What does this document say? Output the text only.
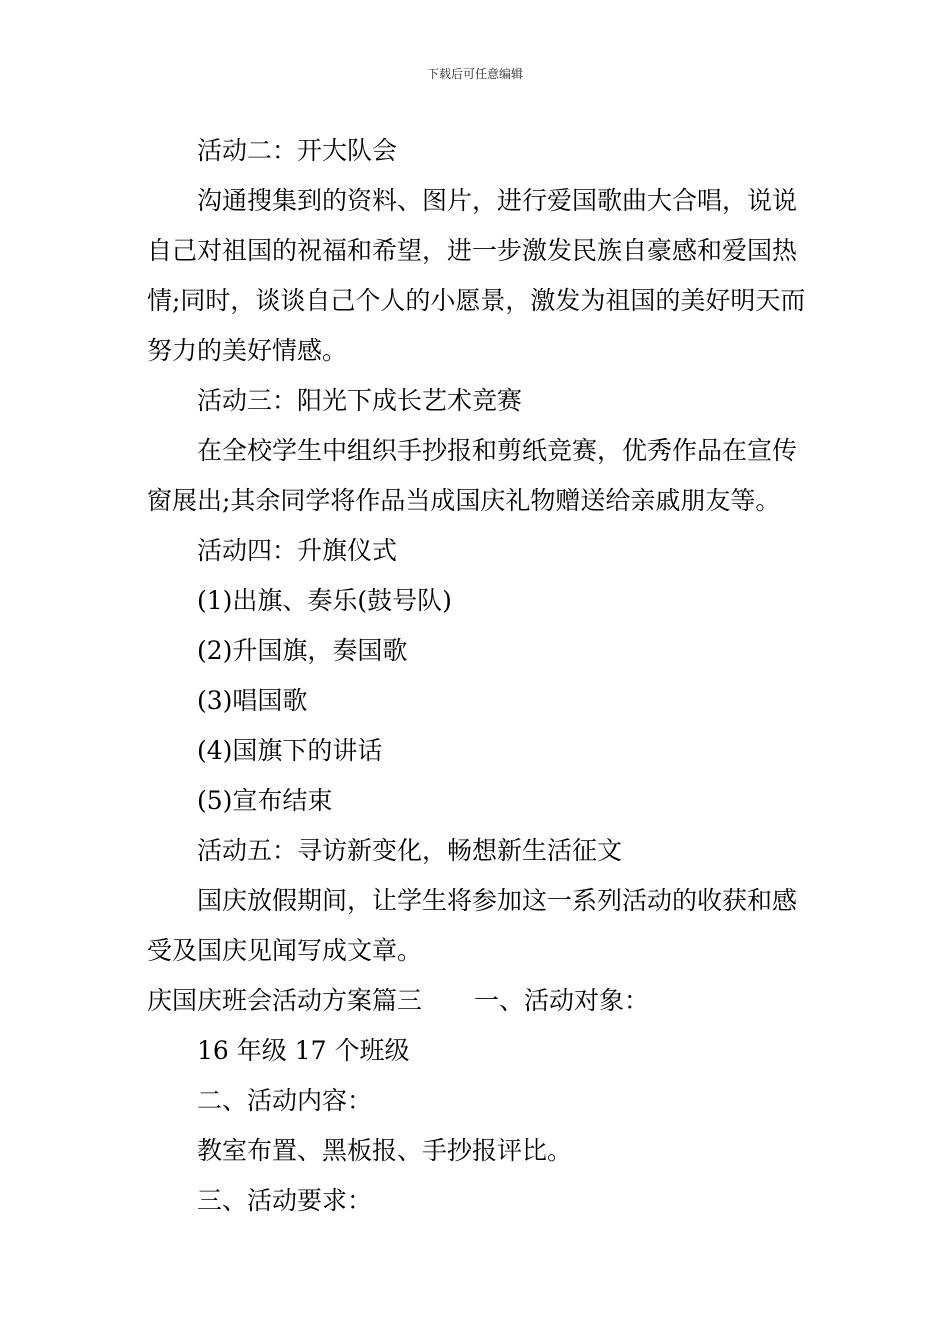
下载后可任意编辑

活动二：开大队会

沟通搜集到的资料、图片，进行爱国歌曲大合唱，说说自己对祖国的祝福和希望，进一步激发民族自豪感和爱国热情;同时，谈谈自己个人的小愿景，激发为祖国的美好明天而努力的美好情感。

活动三：阳光下成长艺术竞赛

在全校学生中组织手抄报和剪纸竞赛，优秀作品在宣传窗展出;其余同学将作品当成国庆礼物赠送给亲戚朋友等。

活动四：升旗仪式

(1)出旗、奏乐(鼓号队)

(2)升国旗，奏国歌

(3)唱国歌

(4)国旗下的讲话

(5)宣布结束

活动五：寻访新变化，畅想新生活征文

国庆放假期间，让学生将参加这一系列活动的收获和感受及国庆见闻写成文章。

庆国庆班会活动方案篇三 一、活动对象：

16 年级 17 个班级

二、活动内容：

教室布置、黑板报、手抄报评比。

三、活动要求：
